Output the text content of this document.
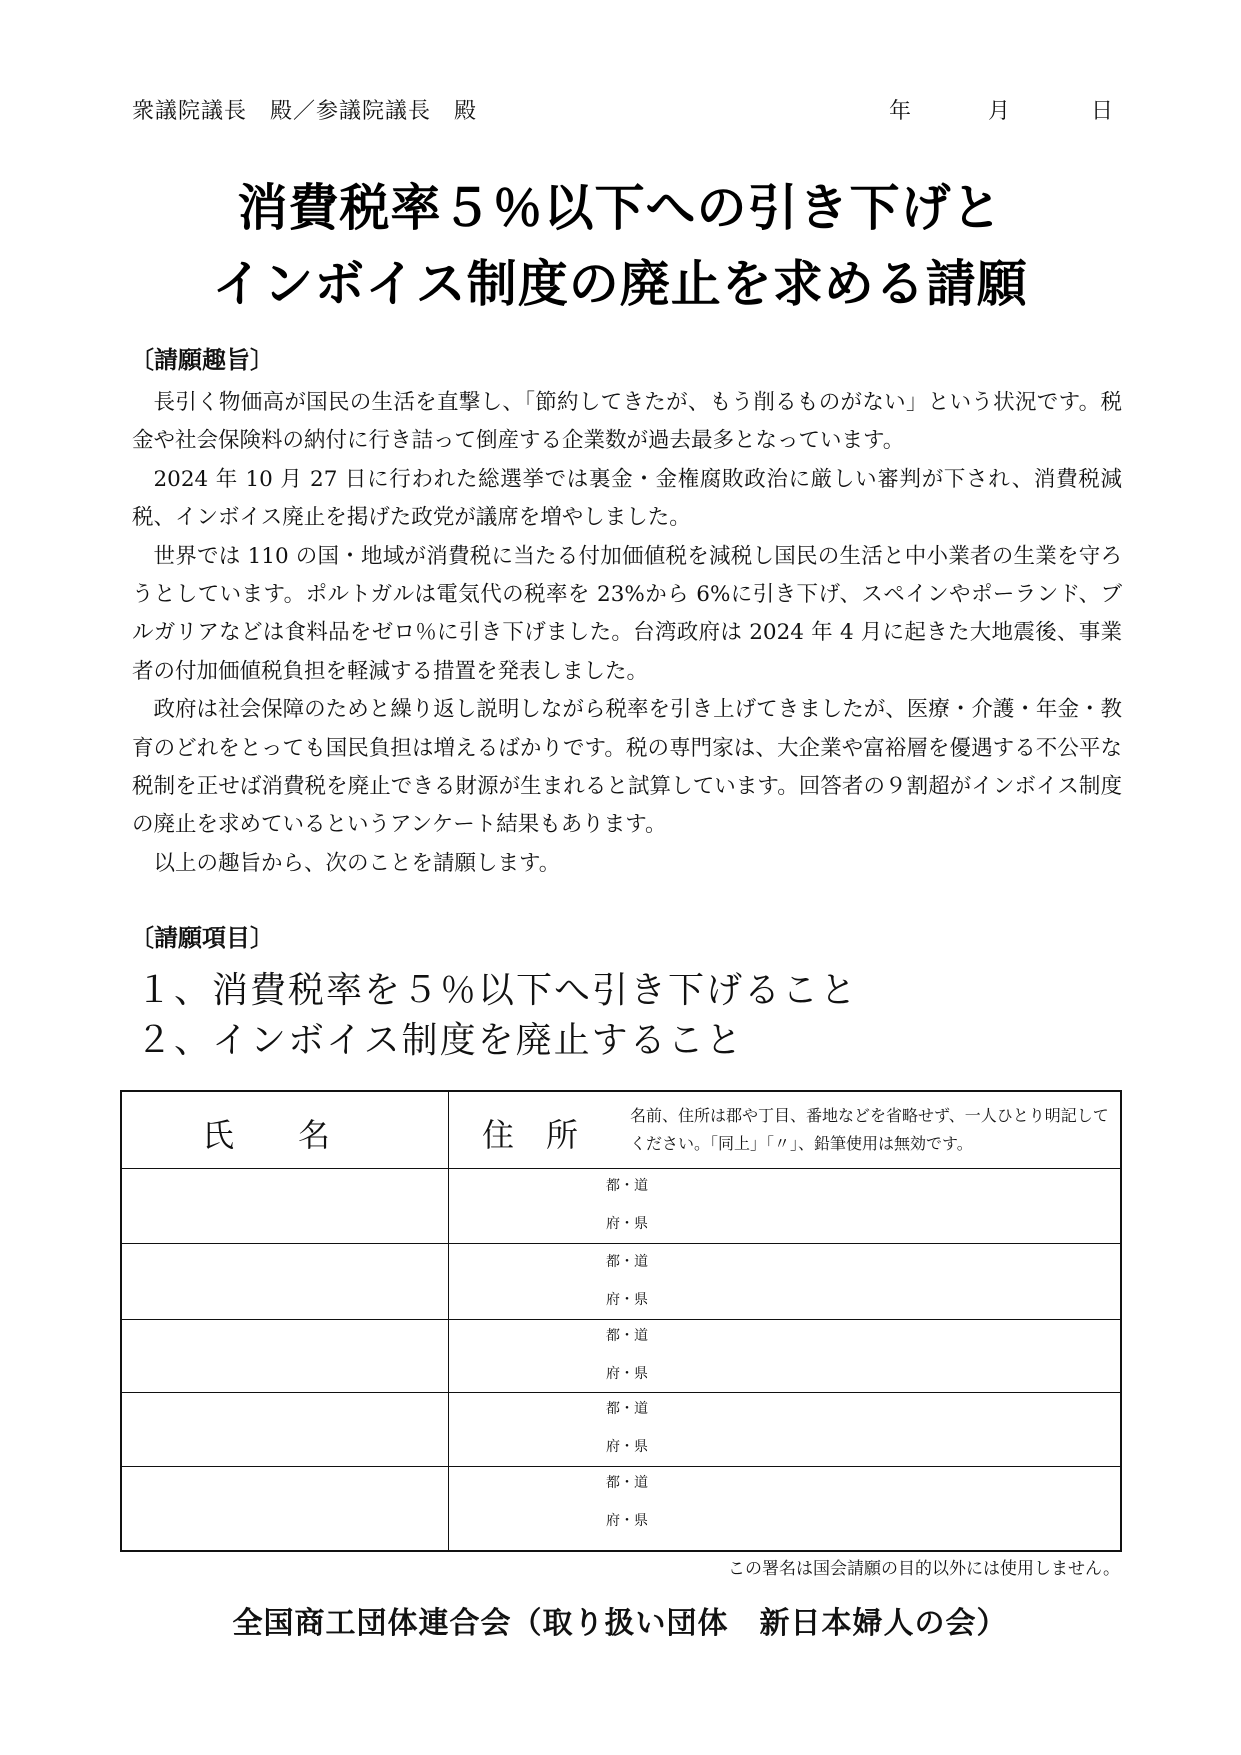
衆議院議長　殿／参議院議長　殿	年	月	日
消費税率５％以下への引き下げと
インボイス制度の廃止を求める請願
〔請願趣旨〕

長引く物価高が国民の生活を直撃し、「節約してきたが、もう削るものがない」という状況です。税金や社会保険料の納付に行き詰って倒産する企業数が過去最多となっています。

2024 年 10 月 27 日に行われた総選挙では裏金・金権腐敗政治に厳しい審判が下され、消費税減税、インボイス廃止を掲げた政党が議席を増やしました。

世界では 110 の国・地域が消費税に当たる付加価値税を減税し国民の生活と中小業者の生業を守ろうとしています。ポルトガルは電気代の税率を 23%から 6%に引き下げ、スペインやポーランド、ブルガリアなどは食料品をゼロ％に引き下げました。台湾政府は 2024 年 4 月に起きた大地震後、事業者の付加価値税負担を軽減する措置を発表しました。

政府は社会保障のためと繰り返し説明しながら税率を引き上げてきましたが、医療・介護・年金・教育のどれをとっても国民負担は増えるばかりです。税の専門家は、大企業や富裕層を優遇する不公平な税制を正せば消費税を廃止できる財源が生まれると試算しています。回答者の９割超がインボイス制度の廃止を求めているというアンケート結果もあります。

以上の趣旨から、次のことを請願します。

〔請願項目〕
１、消費税率を５％以下へ引き下げること
２、インボイス制度を廃止すること
氏　　名	住　所
名前、住所は郡や丁目、番地などを省略せず、一人ひとり明記してください。「同上」「〃」、鉛筆使用は無効です。
都・道
府・県
都・道
府・県
都・道
府・県
都・道
府・県
都・道
府・県
この署名は国会請願の目的以外には使用しません。
全国商工団体連合会（取り扱い団体　新日本婦人の会）
